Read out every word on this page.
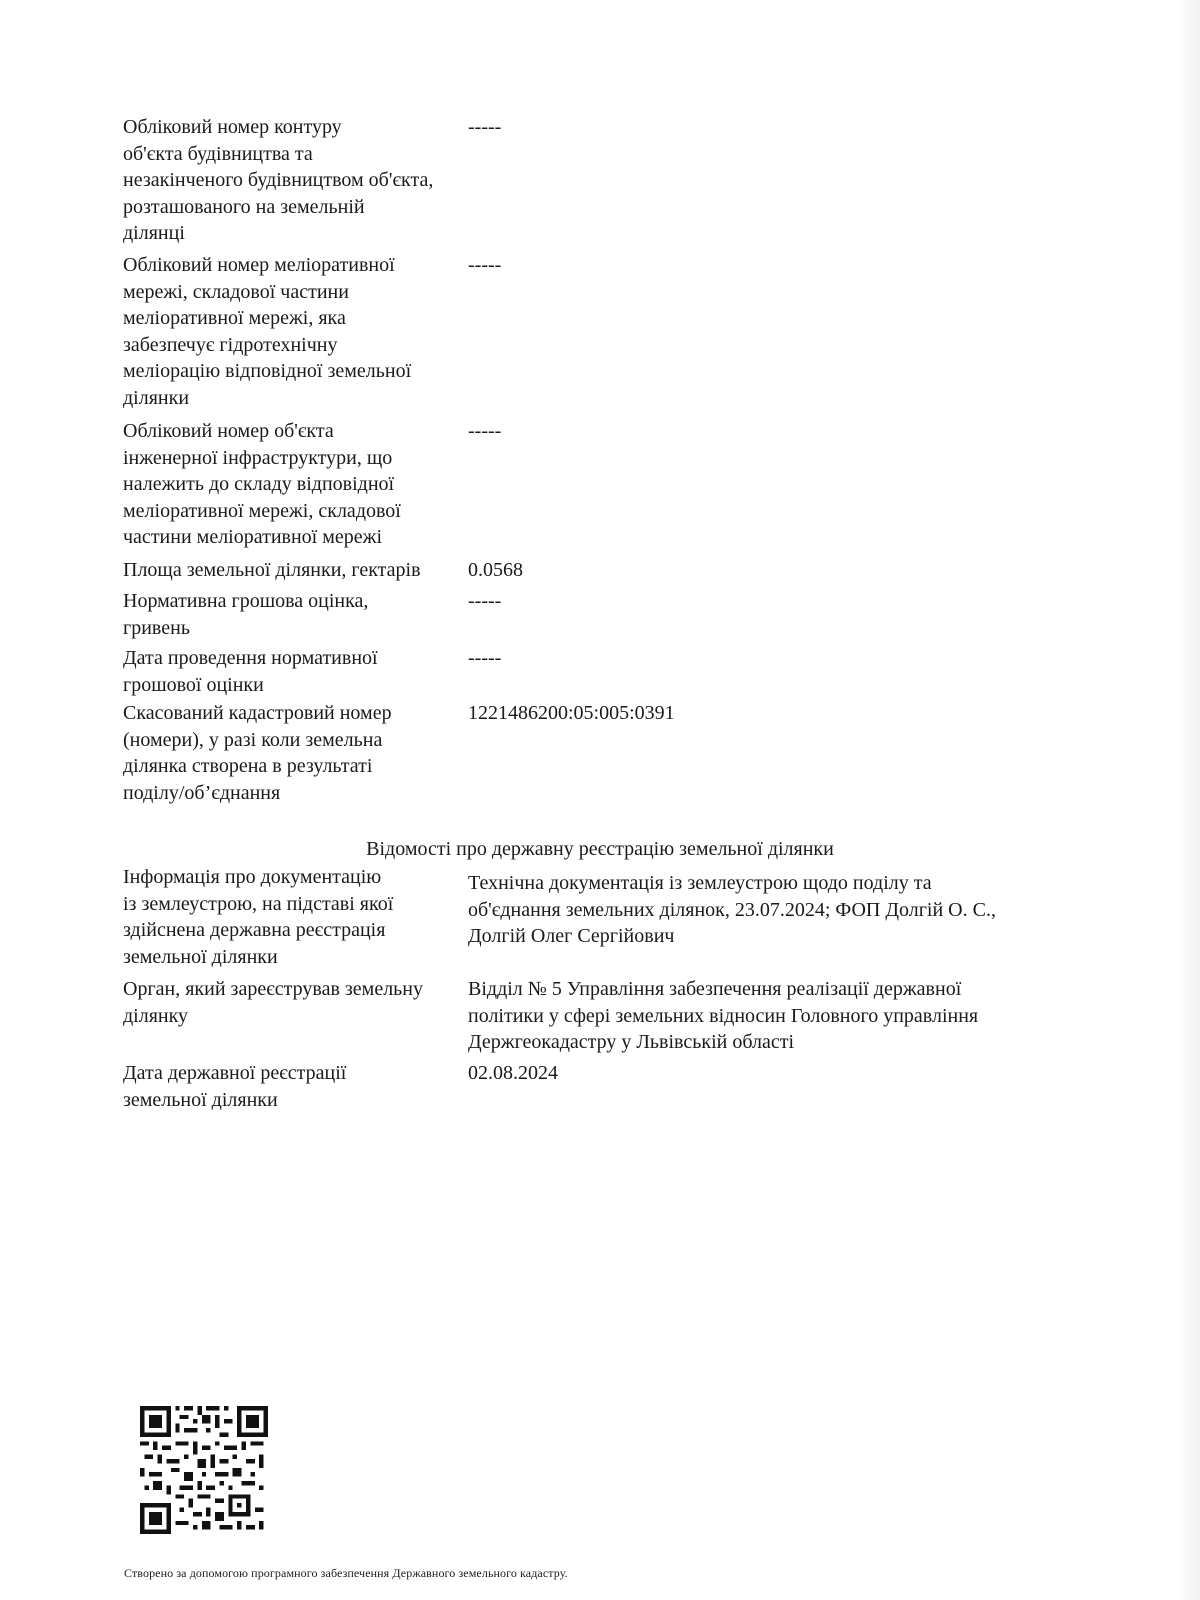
Обліковий номер контуру
об'єкта будівництва та
незакінченого будівництвом об'єкта,
розташованого на земельній
ділянці
-----
Обліковий номер меліоративної
мережі, складової частини
меліоративної мережі, яка
забезпечує гідротехнічну
меліорацію відповідної земельної
ділянки
-----
Обліковий номер об'єкта
інженерної інфраструктури, що
належить до складу відповідної
меліоративної мережі, складової
частини меліоративної мережі
-----
Площа земельної ділянки, гектарів	0.0568
Нормативна грошова оцінка,
гривень
-----
Дата проведення нормативної
грошової оцінки
-----
Скасований кадастровий номер
(номери), у разі коли земельна
ділянка створена в результаті
поділу/об’єднання
1221486200:05:005:0391
Відомості про державну реєстрацію земельної ділянки
Інформація про документацію
із землеустрою, на підставі якої
здійснена державна реєстрація
земельної ділянки
Технічна документація із землеустрою щодо поділу та
об'єднання земельних ділянок, 23.07.2024; ФОП Долгій О. С.,
Долгій Олег Сергійович
Орган, який зареєстрував земельну
ділянку
Відділ № 5 Управління забезпечення реалізації державної
політики у сфері земельних відносин Головного управління
Держгеокадастру у Львівській області
Дата державної реєстрації
земельної ділянки
02.08.2024
Створено за допомогою програмного забезпечення Державного земельного кадастру.
